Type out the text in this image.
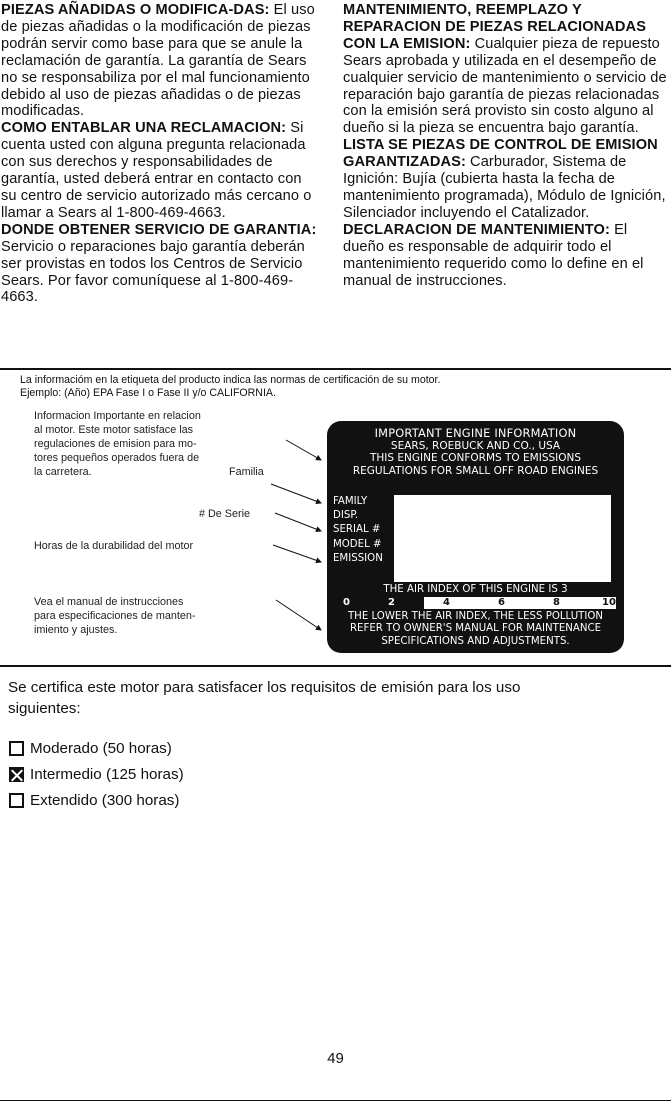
PIEZAS AÑADIDAS O MODIFICA-DAS: El uso de piezas añadidas o la modificación de piezas podrán servir como base para que se anule la reclamación de garantía. La garantía de Sears no se responsabiliza por el mal funcionamiento debido al uso de piezas añadidas o de piezas modificadas.

COMO ENTABLAR UNA RECLAMACION: Si cuenta usted con alguna pregunta relacionada con sus derechos y responsabilidades de garantía, usted deberá entrar en contacto con su centro de servicio autorizado más cercano o llamar a Sears al 1-800-469-4663.

DONDE OBTENER SERVICIO DE GARANTIA: Servicio o reparaciones bajo garantía deberán ser provistas en todos los Centros de Servicio Sears. Por favor comuníquese al 1-800-469-4663.

MANTENIMIENTO, REEMPLAZO Y REPARACION DE PIEZAS RELACIONADAS CON LA EMISION: Cualquier pieza de repuesto Sears aprobada y utilizada en el desempeño de cualquier servicio de mantenimiento o servicio de reparación bajo garantía de piezas relacionadas con la emisión será provisto sin costo alguno al dueño si la pieza se encuentra bajo garantía. LISTA SE PIEZAS DE CONTROL DE EMISION GARANTIZADAS: Carburador, Sistema de Ignición: Bujía (cubierta hasta la fecha de mantenimiento programada), Módulo de Ignición, Silenciador incluyendo el Catalizador. DECLARACION DE MANTENIMIENTO: El dueño es responsable de adquirir todo el mantenimiento requerido como lo define en el manual de instrucciones.

La informacióm en la etiqueta del producto indica las normas de certificación de su motor.
Ejemplo: (Año) EPA Fase I o Fase II y/o CALIFORNIA.
Informacion Importante en relacion
al motor. Este motor satisface las
regulaciones de emision para mo-
tores pequeños operados fuera de
la carretera.	Familia
# De Serie
Horas de la durabilidad del motor
Vea el manual de instrucciones
para especificaciones de manten-
imiento y ajustes.
IMPORTANT ENGINE INFORMATION
SEARS, ROEBUCK AND CO., USA
THIS ENGINE CONFORMS TO EMISSIONS
REGULATIONS FOR SMALL OFF ROAD ENGINES
FAMILY
DISP.
SERIAL #
MODEL #
EMISSION
THE AIR INDEX OF THIS ENGINE IS 3
0	2	4	6	8	10
THE LOWER THE AIR INDEX, THE LESS POLLUTION
REFER TO OWNER'S MANUAL FOR MAINTENANCE
SPECIFICATIONS AND ADJUSTMENTS.
Se certifica este motor para satisfacer los requisitos de emisión para los uso
siguientes:
Moderado (50 horas)
Intermedio (125 horas)
Extendido (300 horas)
49
